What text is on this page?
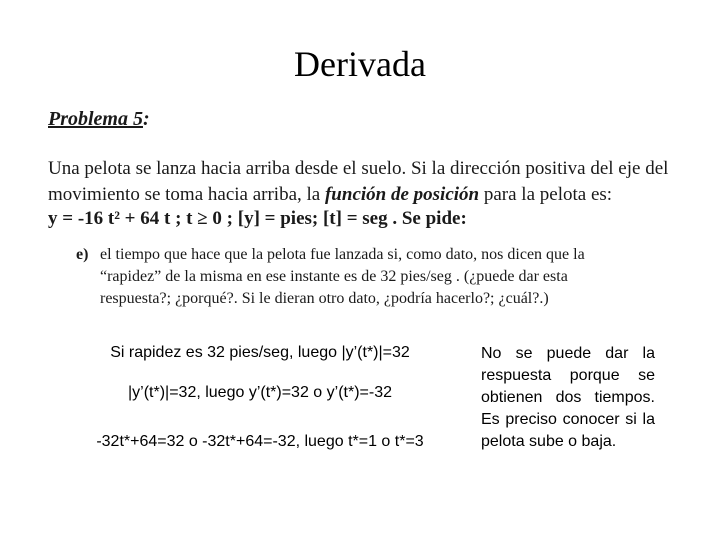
Derivada
Problema 5:
Una pelota se lanza hacia arriba desde el suelo. Si la dirección positiva del eje del
movimiento se toma hacia arriba, la función de posición para la pelota es:
y = -16 t² + 64 t ; t ≥ 0 ; [y] = pies; [t] = seg . Se pide:
e) el tiempo que hace que la pelota fue lanzada si, como dato, nos dicen que la
“rapidez” de la misma en ese instante es de 32 pies/seg . (¿puede dar esta
respuesta?; ¿porqué?. Si le dieran otro dato, ¿podría hacerlo?; ¿cuál?.)
Si rapidez es 32 pies/seg, luego |y’(t*)|=32
|y’(t*)|=32, luego y’(t*)=32 o y’(t*)=-32
-32t*+64=32 o -32t*+64=-32, luego t*=1 o t*=3
No se puede dar la respuesta porque se obtienen dos tiempos. Es preciso conocer si la pelota sube o baja.
